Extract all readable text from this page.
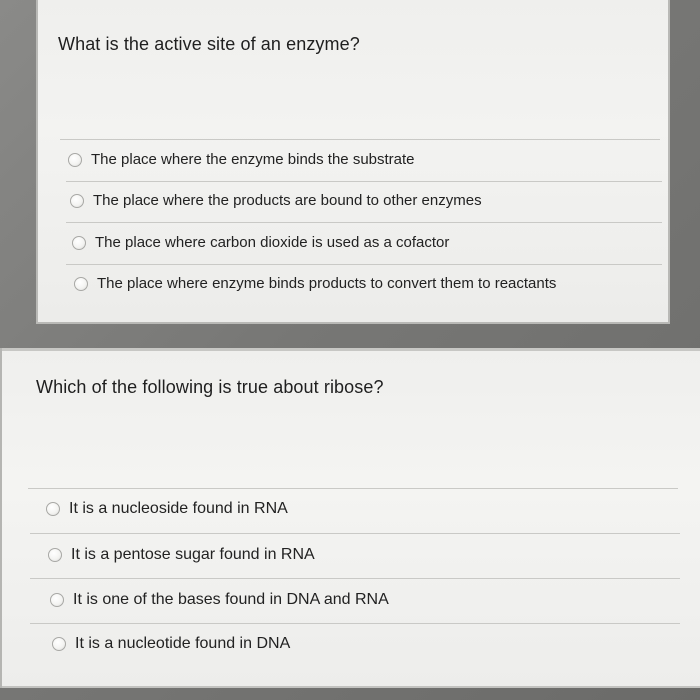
What is the active site of an enzyme?
The place where the enzyme binds the substrate
The place where the products are bound to other enzymes
The place where carbon dioxide is used as a cofactor
The place where enzyme binds products to convert them to reactants
Which of the following is true about ribose?
It is a nucleoside found in RNA
It is a pentose sugar found in RNA
It is one of the bases found in DNA and RNA
It is a nucleotide found in DNA
